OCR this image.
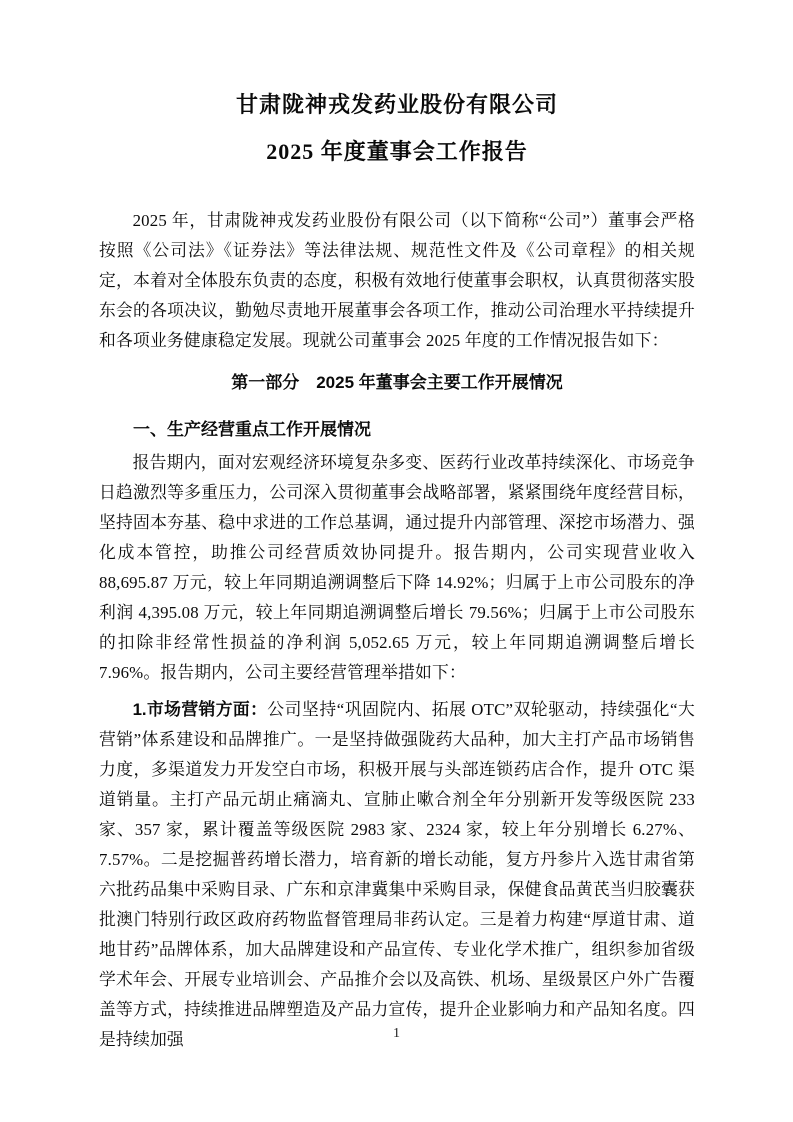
甘肃陇神戎发药业股份有限公司
2025 年度董事会工作报告

2025 年，甘肃陇神戎发药业股份有限公司（以下简称“公司”）董事会严格按照《公司法》《证券法》等法律法规、规范性文件及《公司章程》的相关规定，本着对全体股东负责的态度，积极有效地行使董事会职权，认真贯彻落实股东会的各项决议，勤勉尽责地开展董事会各项工作，推动公司治理水平持续提升和各项业务健康稳定发展。现就公司董事会 2025 年度的工作情况报告如下：

第一部分　2025 年董事会主要工作开展情况
一、生产经营重点工作开展情况

报告期内，面对宏观经济环境复杂多变、医药行业改革持续深化、市场竞争日趋激烈等多重压力，公司深入贯彻董事会战略部署，紧紧围绕年度经营目标，坚持固本夯基、稳中求进的工作总基调，通过提升内部管理、深挖市场潜力、强化成本管控，助推公司经营质效协同提升。报告期内，公司实现营业收入 88,695.87 万元，较上年同期追溯调整后下降 14.92%；归属于上市公司股东的净利润 4,395.08 万元，较上年同期追溯调整后增长 79.56%；归属于上市公司股东的扣除非经常性损益的净利润 5,052.65 万元，较上年同期追溯调整后增长 7.96%。报告期内，公司主要经营管理举措如下：

1.市场营销方面：公司坚持“巩固院内、拓展 OTC”双轮驱动，持续强化“大营销”体系建设和品牌推广。一是坚持做强陇药大品种，加大主打产品市场销售力度，多渠道发力开发空白市场，积极开展与头部连锁药店合作，提升 OTC 渠道销量。主打产品元胡止痛滴丸、宣肺止嗽合剂全年分别新开发等级医院 233 家、357 家，累计覆盖等级医院 2983 家、2324 家，较上年分别增长 6.27%、7.57%。二是挖掘普药增长潜力，培育新的增长动能，复方丹参片入选甘肃省第六批药品集中采购目录、广东和京津冀集中采购目录，保健食品黄芪当归胶囊获批澳门特别行政区政府药物监督管理局非药认定。三是着力构建“厚道甘肃、道地甘药”品牌体系，加大品牌建设和产品宣传、专业化学术推广，组织参加省级学术年会、开展专业培训会、产品推介会以及高铁、机场、星级景区户外广告覆盖等方式，持续推进品牌塑造及产品力宣传，提升企业影响力和产品知名度。四是持续加强	1
